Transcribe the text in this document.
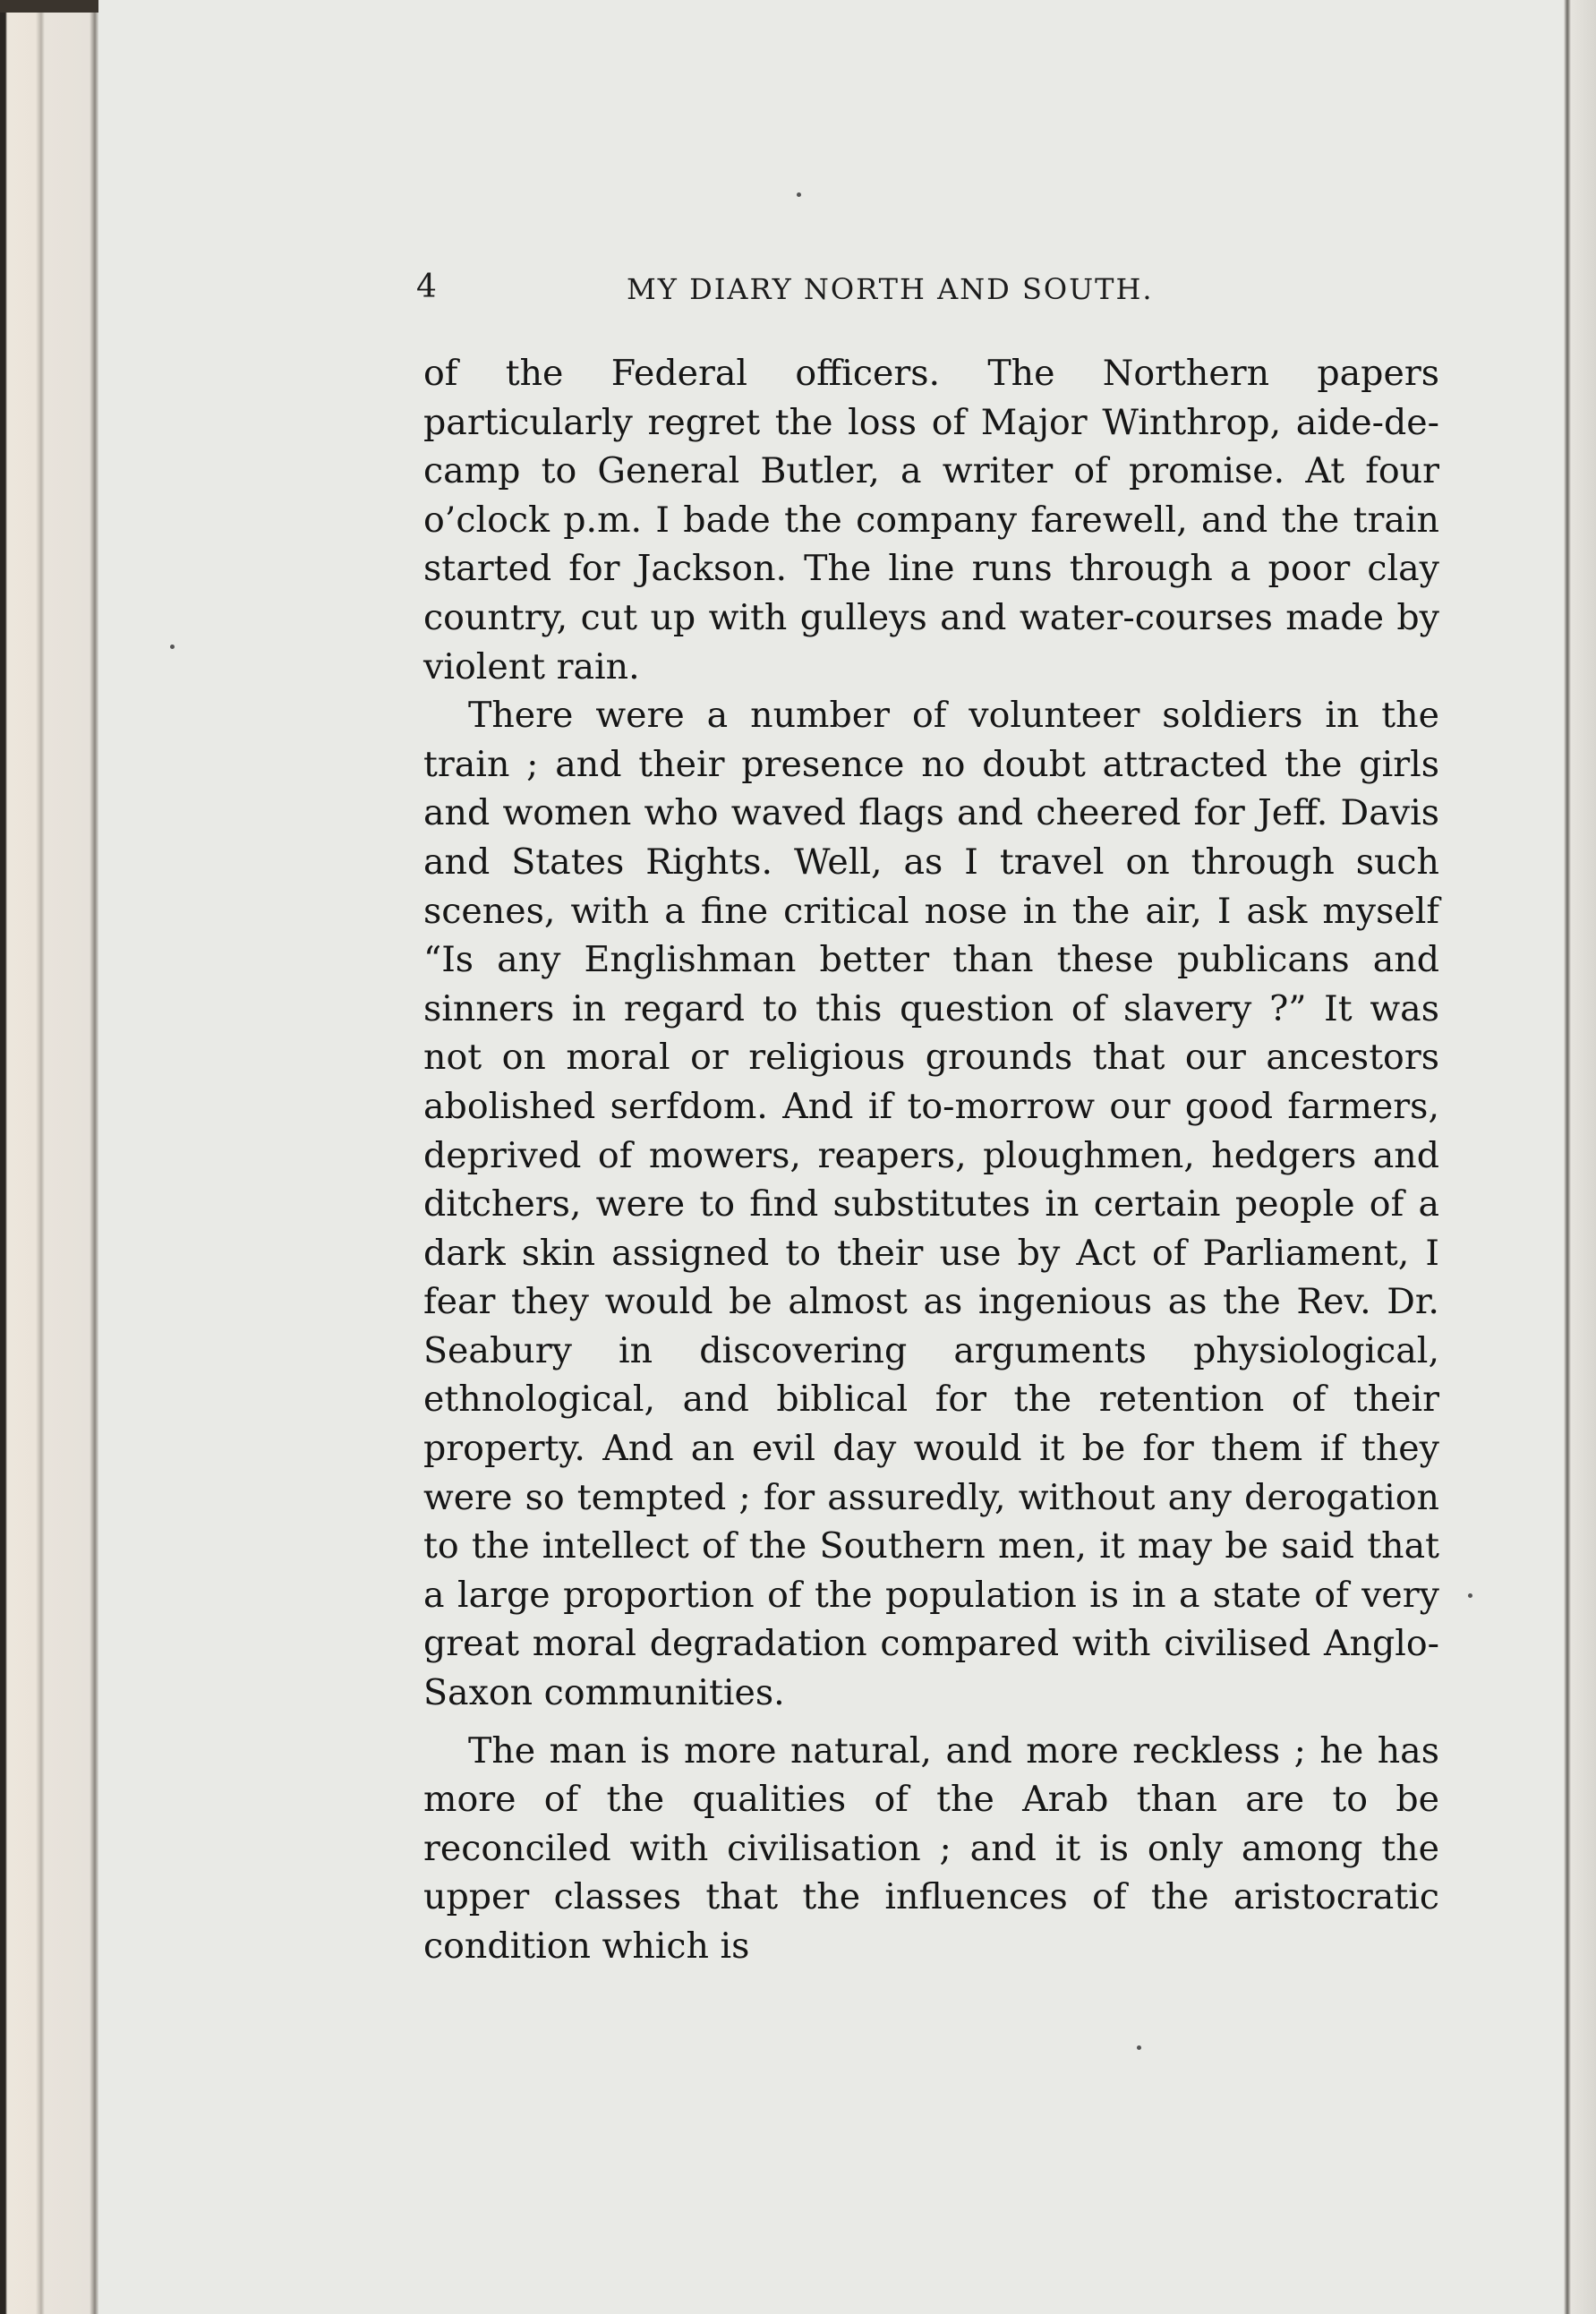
4	MY DIARY NORTH AND SOUTH.

of the Federal officers. The Northern papers particularly regret the loss of Major Winthrop, aide-de-camp to General Butler, a writer of promise. At four o’clock p.m. I bade the company farewell, and the train started for Jackson. The line runs through a poor clay country, cut up with gulleys and water-courses made by violent rain.

There were a number of volunteer soldiers in the train ; and their presence no doubt attracted the girls and women who waved flags and cheered for Jeff. Davis and States Rights. Well, as I travel on through such scenes, with a fine critical nose in the air, I ask myself “Is any Englishman better than these publicans and sinners in regard to this question of slavery ?” It was not on moral or religious grounds that our ancestors abolished serfdom. And if to-morrow our good farmers, deprived of mowers, reapers, ploughmen, hedgers and ditchers, were to find substitutes in certain people of a dark skin assigned to their use by Act of Parliament, I fear they would be almost as ingenious as the Rev. Dr. Seabury in discovering arguments physiological, ethnological, and biblical for the retention of their property. And an evil day would it be for them if they were so tempted ; for assuredly, without any derogation to the intellect of the Southern men, it may be said that a large proportion of the population is in a state of very great moral degradation compared with civilised Anglo-Saxon communities.

The man is more natural, and more reckless ; he has more of the qualities of the Arab than are to be reconciled with civilisation ; and it is only among the upper classes that the influences of the aristocratic condition which is
